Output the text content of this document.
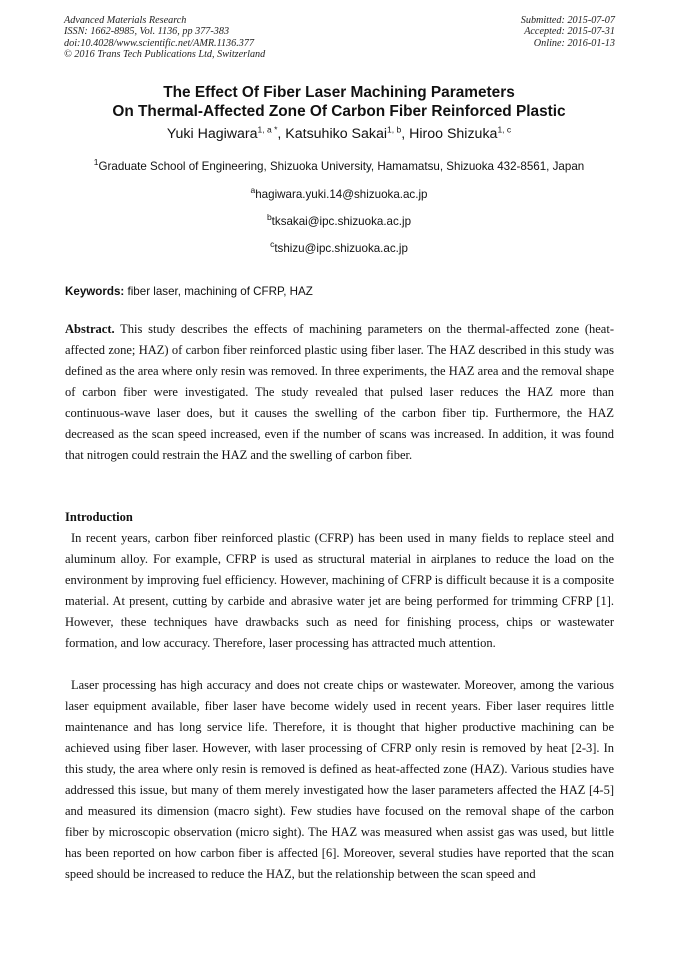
Advanced Materials Research
ISSN: 1662-8985, Vol. 1136, pp 377-383
doi:10.4028/www.scientific.net/AMR.1136.377
© 2016 Trans Tech Publications Ltd, Switzerland
Submitted: 2015-07-07
Accepted: 2015-07-31
Online: 2016-01-13
The Effect Of Fiber Laser Machining Parameters
On Thermal-Affected Zone Of Carbon Fiber Reinforced Plastic
Yuki Hagiwara$^{1, a *}$, Katsuhiko Sakai$^{1, b}$, Hiroo Shizuka$^{1, c}$
$^1$Graduate School of Engineering, Shizuoka University, Hamamatsu, Shizuoka 432-8561, Japan
$^a$hagiwara.yuki.14@shizuoka.ac.jp
$^b$tksakai@ipc.shizuoka.ac.jp
$^c$tshizu@ipc.shizuoka.ac.jp
Keywords: fiber laser, machining of CFRP, HAZ
Abstract. This study describes the effects of machining parameters on the thermal-affected zone (heat-affected zone; HAZ) of carbon fiber reinforced plastic using fiber laser. The HAZ described in this study was defined as the area where only resin was removed. In three experiments, the HAZ area and the removal shape of carbon fiber were investigated. The study revealed that pulsed laser reduces the HAZ more than continuous-wave laser does, but it causes the swelling of the carbon fiber tip. Furthermore, the HAZ decreased as the scan speed increased, even if the number of scans was increased. In addition, it was found that nitrogen could restrain the HAZ and the swelling of carbon fiber.
Introduction
In recent years, carbon fiber reinforced plastic (CFRP) has been used in many fields to replace steel and aluminum alloy. For example, CFRP is used as structural material in airplanes to reduce the load on the environment by improving fuel efficiency. However, machining of CFRP is difficult because it is a composite material. At present, cutting by carbide and abrasive water jet are being performed for trimming CFRP [1]. However, these techniques have drawbacks such as need for finishing process, chips or wastewater formation, and low accuracy. Therefore, laser processing has attracted much attention.
Laser processing has high accuracy and does not create chips or wastewater. Moreover, among the various laser equipment available, fiber laser have become widely used in recent years. Fiber laser requires little maintenance and has long service life. Therefore, it is thought that higher productive machining can be achieved using fiber laser. However, with laser processing of CFRP only resin is removed by heat [2-3]. In this study, the area where only resin is removed is defined as heat-affected zone (HAZ). Various studies have addressed this issue, but many of them merely investigated how the laser parameters affected the HAZ [4-5] and measured its dimension (macro sight). Few studies have focused on the removal shape of the carbon fiber by microscopic observation (micro sight). The HAZ was measured when assist gas was used, but little has been reported on how carbon fiber is affected [6]. Moreover, several studies have reported that the scan speed should be increased to reduce the HAZ, but the relationship between the scan speed and
